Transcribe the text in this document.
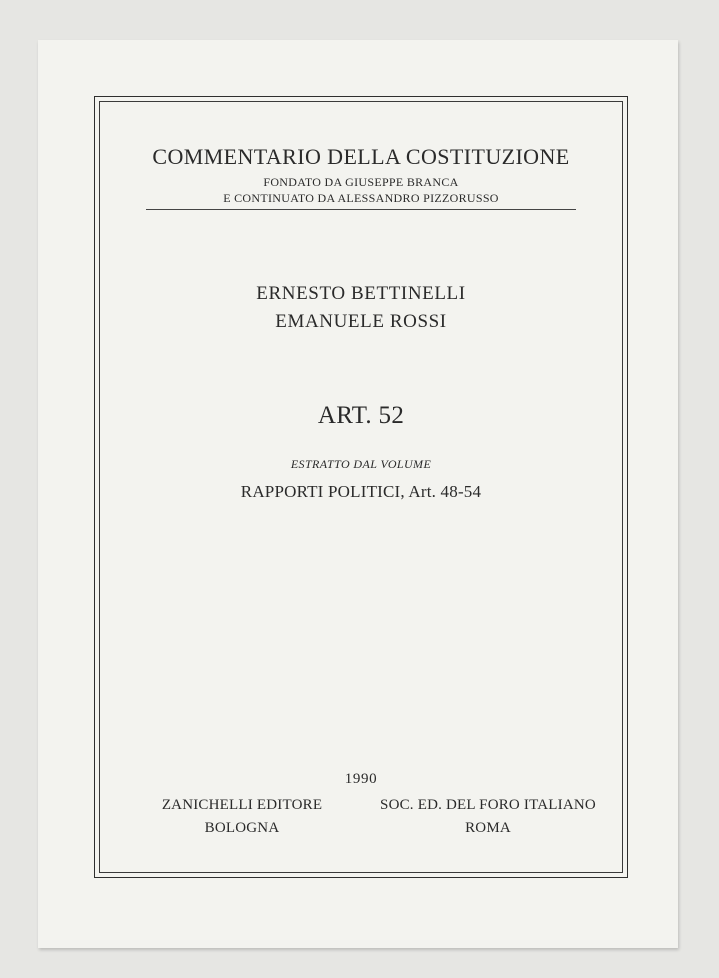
COMMENTARIO DELLA COSTITUZIONE
FONDATO DA GIUSEPPE BRANCA
E CONTINUATO DA ALESSANDRO PIZZORUSSO
ERNESTO BETTINELLI
EMANUELE ROSSI
ART. 52
ESTRATTO DAL VOLUME
RAPPORTI POLITICI, Art. 48-54
1990
ZANICHELLI EDITORE
BOLOGNA
SOC. ED. DEL FORO ITALIANO
ROMA
